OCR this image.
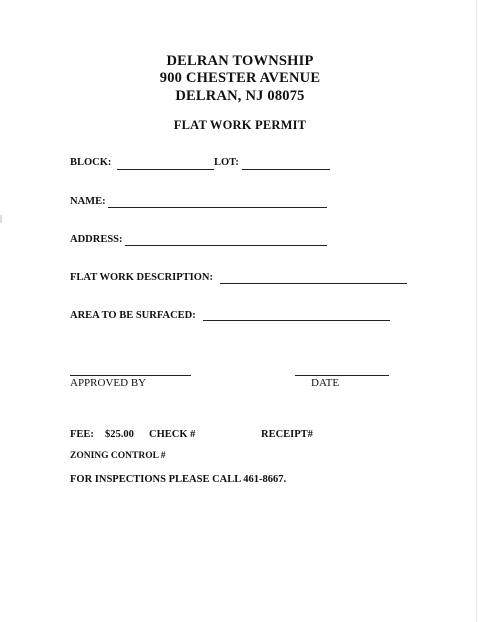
DELRAN TOWNSHIP
900 CHESTER AVENUE
DELRAN, NJ 08075
FLAT WORK PERMIT
BLOCK:	LOT:
NAME:
ADDRESS:
FLAT WORK DESCRIPTION:
AREA TO BE SURFACED:
APPROVED BY	DATE
FEE: $25.00 CHECK #	RECEIPT#
ZONING CONTROL #
FOR INSPECTIONS PLEASE CALL 461-8667.
